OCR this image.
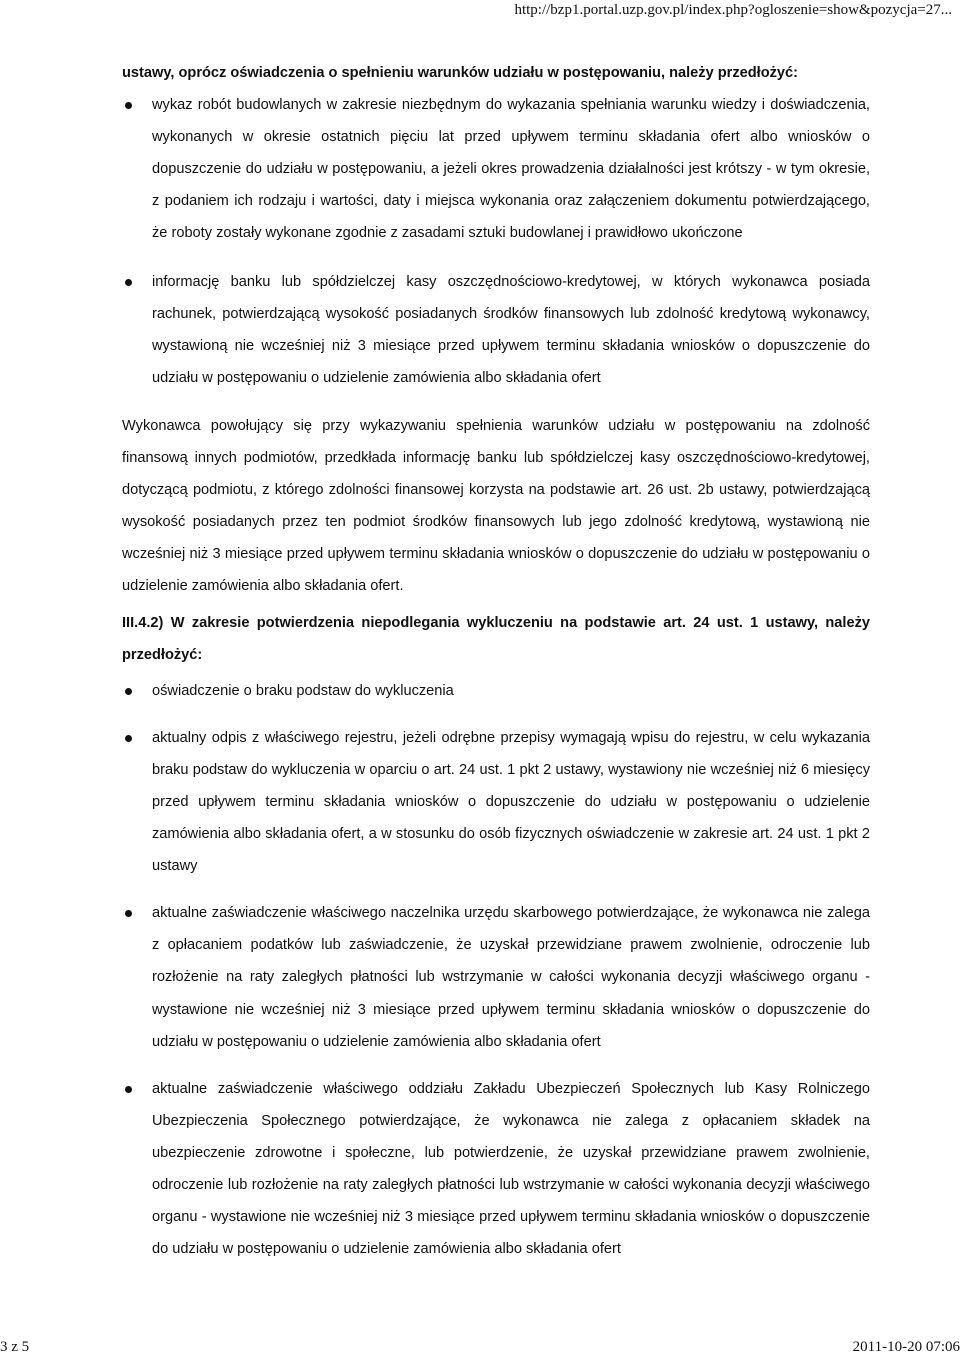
http://bzp1.portal.uzp.gov.pl/index.php?ogloszenie=show&pozycja=27...
ustawy, oprócz oświadczenia o spełnieniu warunków udziału w postępowaniu, należy przedłożyć:
wykaz robót budowlanych w zakresie niezbędnym do wykazania spełniania warunku wiedzy i doświadczenia, wykonanych w okresie ostatnich pięciu lat przed upływem terminu składania ofert albo wniosków o dopuszczenie do udziału w postępowaniu, a jeżeli okres prowadzenia działalności jest krótszy - w tym okresie, z podaniem ich rodzaju i wartości, daty i miejsca wykonania oraz załączeniem dokumentu potwierdzającego, że roboty zostały wykonane zgodnie z zasadami sztuki budowlanej i prawidłowo ukończone
informację banku lub spółdzielczej kasy oszczędnościowo-kredytowej, w których wykonawca posiada rachunek, potwierdzającą wysokość posiadanych środków finansowych lub zdolność kredytową wykonawcy, wystawioną nie wcześniej niż 3 miesiące przed upływem terminu składania wniosków o dopuszczenie do udziału w postępowaniu o udzielenie zamówienia albo składania ofert
Wykonawca powołujący się przy wykazywaniu spełnienia warunków udziału w postępowaniu na zdolność finansową innych podmiotów, przedkłada informację banku lub spółdzielczej kasy oszczędnościowo-kredytowej, dotyczącą podmiotu, z którego zdolności finansowej korzysta na podstawie art. 26 ust. 2b ustawy, potwierdzającą wysokość posiadanych przez ten podmiot środków finansowych lub jego zdolność kredytową, wystawioną nie wcześniej niż 3 miesiące przed upływem terminu składania wniosków o dopuszczenie do udziału w postępowaniu o udzielenie zamówienia albo składania ofert.
III.4.2) W zakresie potwierdzenia niepodlegania wykluczeniu na podstawie art. 24 ust. 1 ustawy, należy przedłożyć:
oświadczenie o braku podstaw do wykluczenia
aktualny odpis z właściwego rejestru, jeżeli odrębne przepisy wymagają wpisu do rejestru, w celu wykazania braku podstaw do wykluczenia w oparciu o art. 24 ust. 1 pkt 2 ustawy, wystawiony nie wcześniej niż 6 miesięcy przed upływem terminu składania wniosków o dopuszczenie do udziału w postępowaniu o udzielenie zamówienia albo składania ofert, a w stosunku do osób fizycznych oświadczenie w zakresie art. 24 ust. 1 pkt 2 ustawy
aktualne zaświadczenie właściwego naczelnika urzędu skarbowego potwierdzające, że wykonawca nie zalega z opłacaniem podatków lub zaświadczenie, że uzyskał przewidziane prawem zwolnienie, odroczenie lub rozłożenie na raty zaległych płatności lub wstrzymanie w całości wykonania decyzji właściwego organu - wystawione nie wcześniej niż 3 miesiące przed upływem terminu składania wniosków o dopuszczenie do udziału w postępowaniu o udzielenie zamówienia albo składania ofert
aktualne zaświadczenie właściwego oddziału Zakładu Ubezpieczeń Społecznych lub Kasy Rolniczego Ubezpieczenia Społecznego potwierdzające, że wykonawca nie zalega z opłacaniem składek na ubezpieczenie zdrowotne i społeczne, lub potwierdzenie, że uzyskał przewidziane prawem zwolnienie, odroczenie lub rozłożenie na raty zaległych płatności lub wstrzymanie w całości wykonania decyzji właściwego organu - wystawione nie wcześniej niż 3 miesiące przed upływem terminu składania wniosków o dopuszczenie do udziału w postępowaniu o udzielenie zamówienia albo składania ofert
3 z 5	2011-10-20 07:06
